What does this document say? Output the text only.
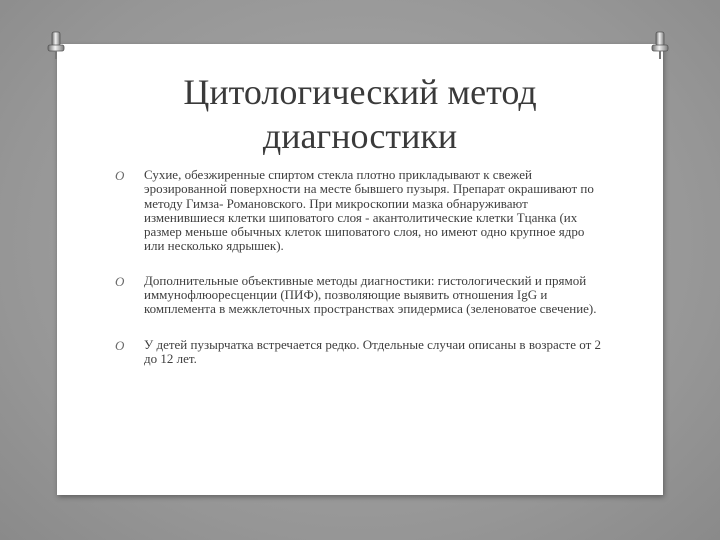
Цитологический метод
диагностики
O Сухие, обезжиренные спиртом стекла плотно прикладывают к свежей эрозированной поверхности на месте бывшего пузыря. Препарат окрашивают по методу Гимза- Романовского. При микроскопии мазка обнаруживают изменившиеся клетки шиповатого слоя - акантолитические клетки Тцанка (их размер меньше обычных клеток шиповатого слоя, но имеют одно крупное ядро или несколько ядрышек).
O Дополнительные объективные методы диагностики: гистологический и прямой иммунофлюоресценции (ПИФ), позволяющие выявить отношения IgG и комплемента в межклеточных пространствах эпидермиса (зеленоватое свечение).
O У детей пузырчатка встречается редко. Отдельные случаи описаны в возрасте от 2 до 12 лет.
